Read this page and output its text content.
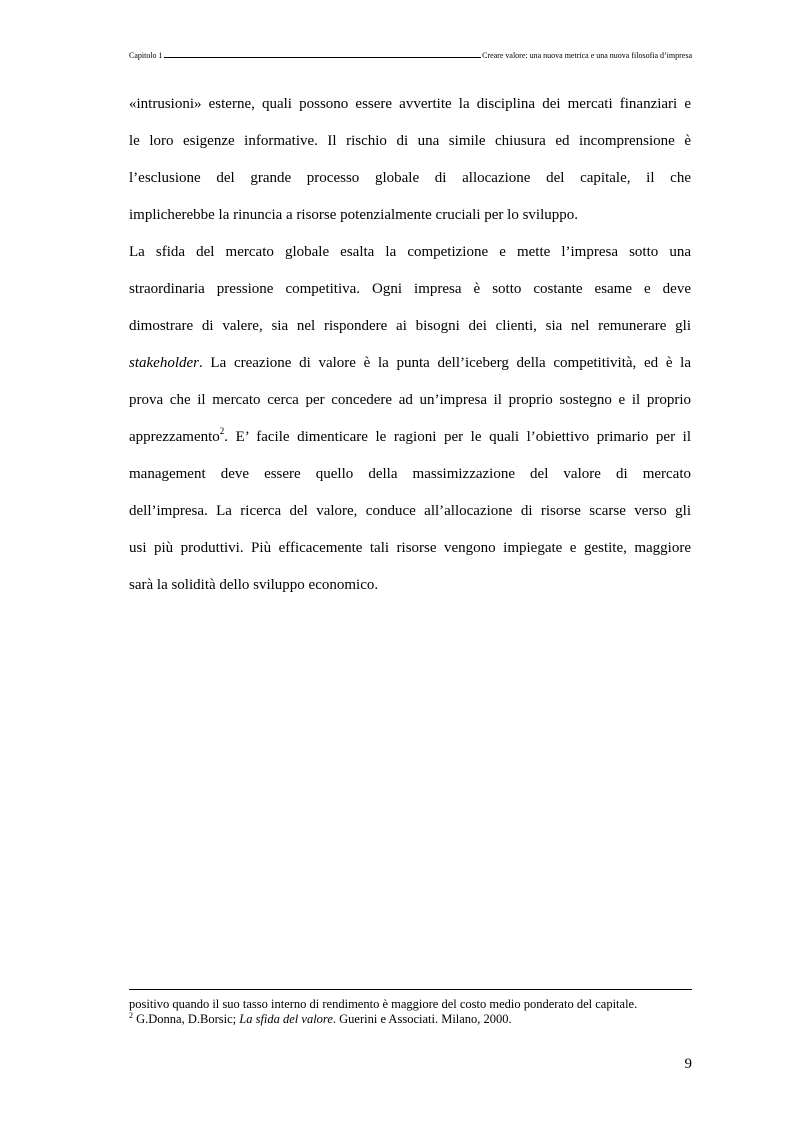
Capitolo 1	Creare valore: una nuova metrica e una nuova filosofia d’impresa
«intrusioni» esterne, quali possono essere avvertite la disciplina dei mercati finanziari e
le loro esigenze informative. Il rischio di una simile chiusura ed incomprensione è
l’esclusione del grande processo globale di allocazione del capitale, il che
implicherebbe la rinuncia a risorse potenzialmente cruciali per lo sviluppo.
La sfida del mercato globale esalta la competizione e mette l’impresa sotto una
straordinaria pressione competitiva. Ogni impresa è sotto costante esame e deve
dimostrare di valere, sia nel rispondere ai bisogni dei clienti, sia nel remunerare gli
stakeholder. La creazione di valore è la punta dell’iceberg della competitività, ed è la
prova che il mercato cerca per concedere ad un’impresa il proprio sostegno e il proprio
apprezzamento$^2$. E’ facile dimenticare le ragioni per le quali l’obiettivo primario per il
management deve essere quello della massimizzazione del valore di mercato
dell’impresa. La ricerca del valore, conduce all’allocazione di risorse scarse verso gli
usi più produttivi. Più efficacemente tali risorse vengono impiegate e gestite, maggiore
sarà la solidità dello sviluppo economico.
positivo quando il suo tasso interno di rendimento è maggiore del costo medio ponderato del capitale.
$^2$ G.Donna, D.Borsic; La sfida del valore. Guerini e Associati. Milano, 2000.
9
